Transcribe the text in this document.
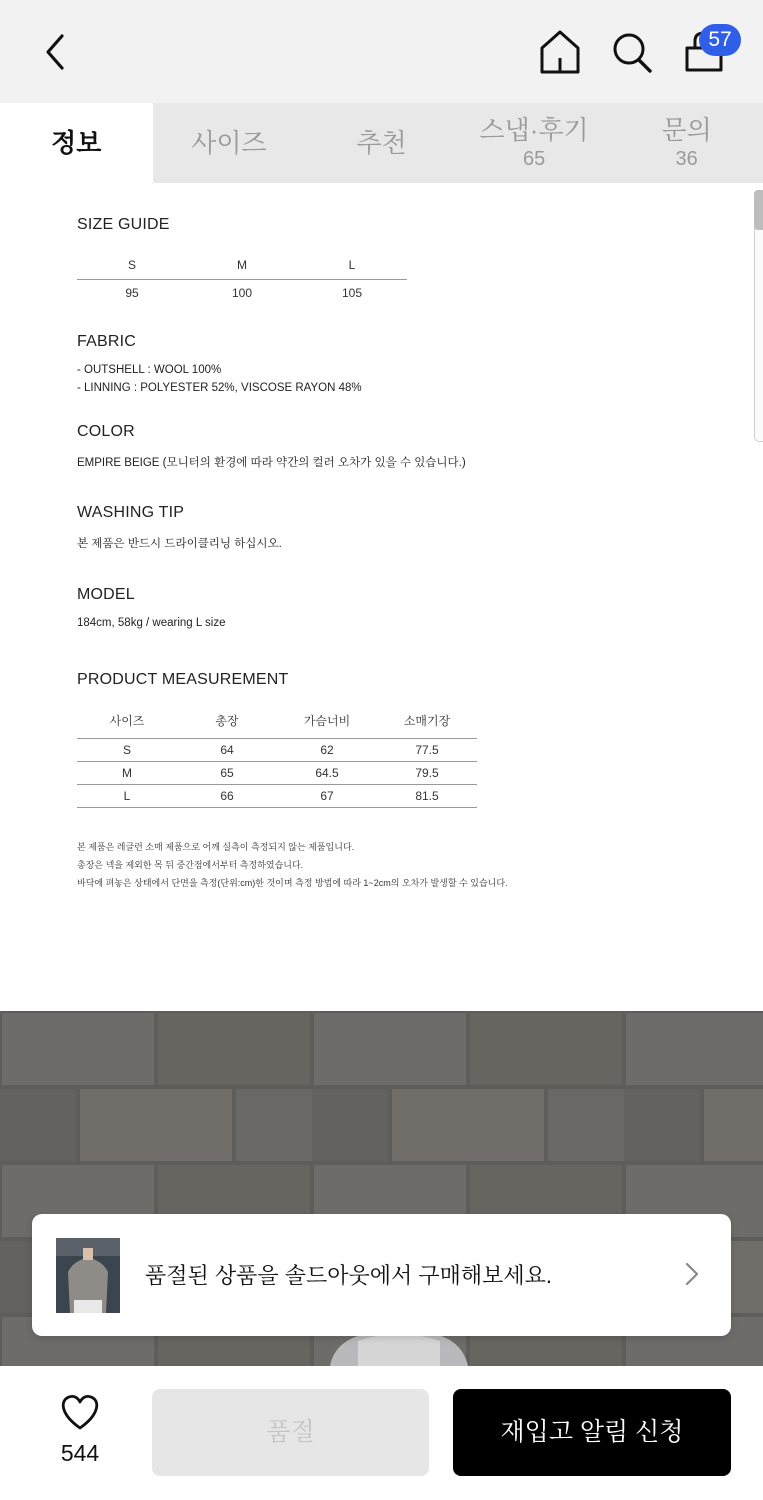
57
정보	사이즈	추천	스냅·후기
65
문의
36
SIZE GUIDE
S	M	L
95	100	105
FABRIC
- OUTSHELL : WOOL 100%
- LINNING : POLYESTER 52%, VISCOSE RAYON 48%
COLOR
EMPIRE BEIGE (모니터의 환경에 따라 약간의 컬러 오차가 있을 수 있습니다.)
WASHING TIP
본 제품은 반드시 드라이클리닝 하십시오.
MODEL
184cm, 58kg / wearing L size
PRODUCT MEASUREMENT
사이즈	총장	가슴너비	소매기장
S	64	62	77.5
M	65	64.5	79.5
L	66	67	81.5
본 제품은 레글런 소매 제품으로 어깨 실측이 측정되지 않는 제품입니다.
총장은 넥을 제외한 목 뒤 중간점에서부터 측정하였습니다.
바닥에 펴놓은 상태에서 단면을 측정(단위:cm)한 것이며 측정 방법에 따라 1~2cm의 오차가 발생할 수 있습니다.
품절된 상품을 솔드아웃에서 구매해보세요.
544
품절	재입고 알림 신청
